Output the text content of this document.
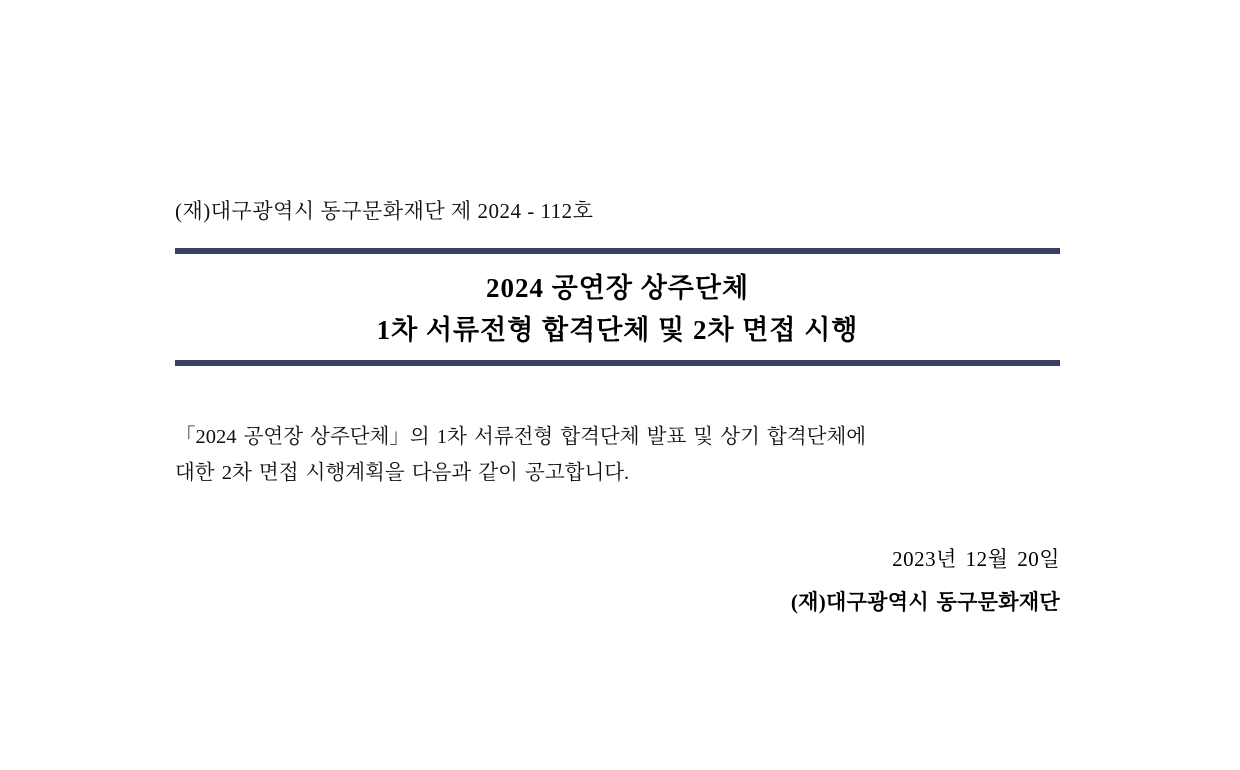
(재)대구광역시 동구문화재단 제 2024 - 112호
2024 공연장 상주단체
1차 서류전형 합격단체 및 2차 면접 시행
「2024 공연장 상주단체」의 1차 서류전형 합격단체 발표 및 상기 합격단체에
대한 2차 면접 시행계획을 다음과 같이 공고합니다.
2023년 12월 20일
(재)대구광역시 동구문화재단
